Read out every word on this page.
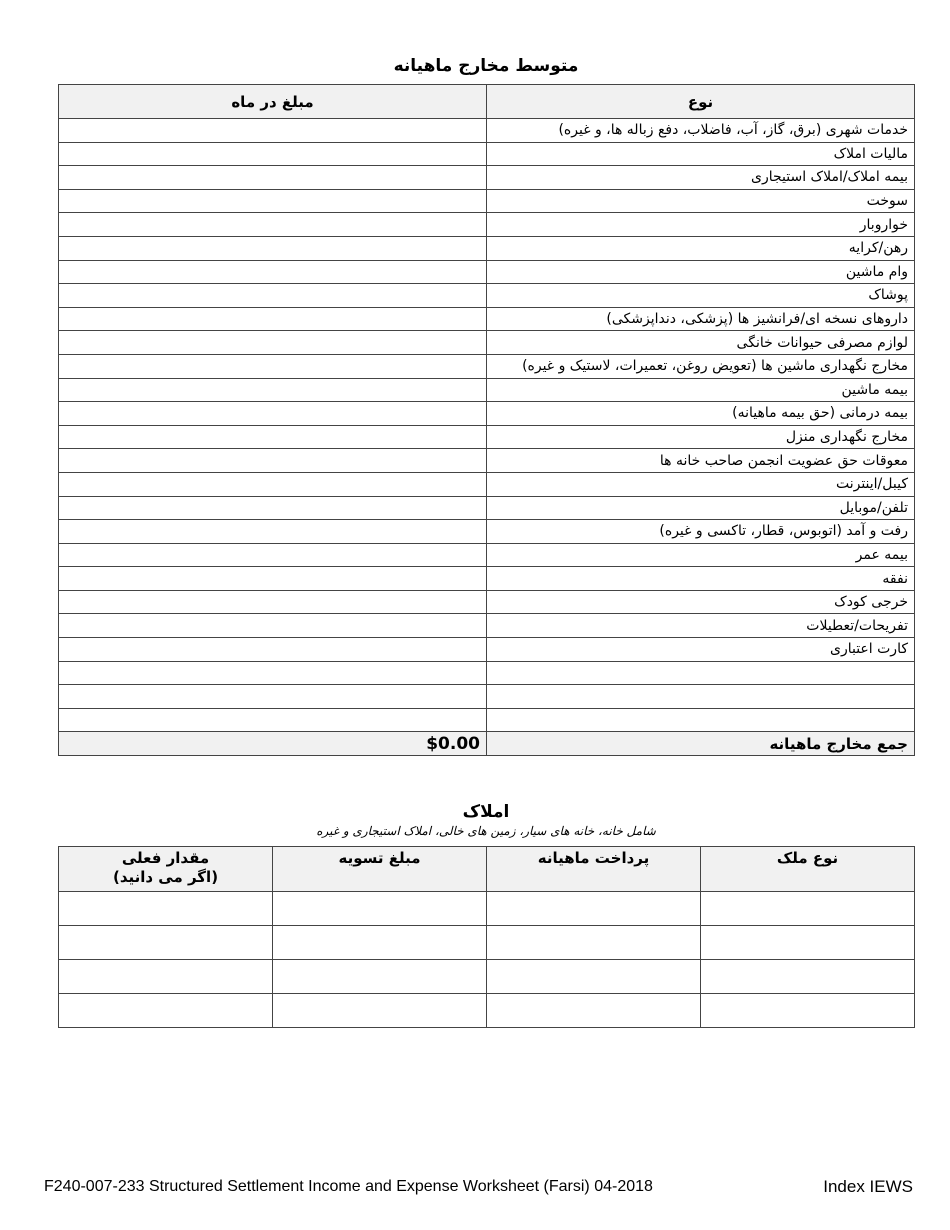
متوسط مخارج ماهیانه
مبلغ در ماه	نوع
	خدمات شهری (برق، گاز، آب، فاضلاب، دفع زباله ها، و غیره)
	مالیات املاک
	بیمه املاک/املاک استیجاری
	سوخت
	خواروبار
	رهن/کرایه
	وام ماشین
	پوشاک
	داروهای نسخه ای/فرانشیز ها (پزشکی، دنداپزشکی)
	لوازم مصرفی حیوانات خانگی
	مخارج نگهداری ماشین ها (تعویض روغن، تعمیرات، لاستیک و غیره)
	بیمه ماشین
	بیمه درمانی (حق بیمه ماهیانه)
	مخارج نگهداری منزل
	معوقات حق عضویت انجمن صاحب خانه ها
	کیبل/اینترنت
	تلفن/موبایل
	رفت و آمد (اتوبوس، قطار، تاکسی و غیره)
	بیمه عمر
	نفقه
	خرجی کودک
	تفریحات/تعطیلات
	کارت اعتباری

$0.00	جمع مخارج ماهیانه
املاک
شامل خانه، خانه های سیار، زمین های خالی، املاک استیجاری و غیره
مقدار فعلی
(اگر می دانید)	مبلغ تسویه	پرداخت ماهیانه	نوع ملک

F240-007-233 Structured Settlement Income and Expense Worksheet (Farsi) 04-2018	Index IEWS
